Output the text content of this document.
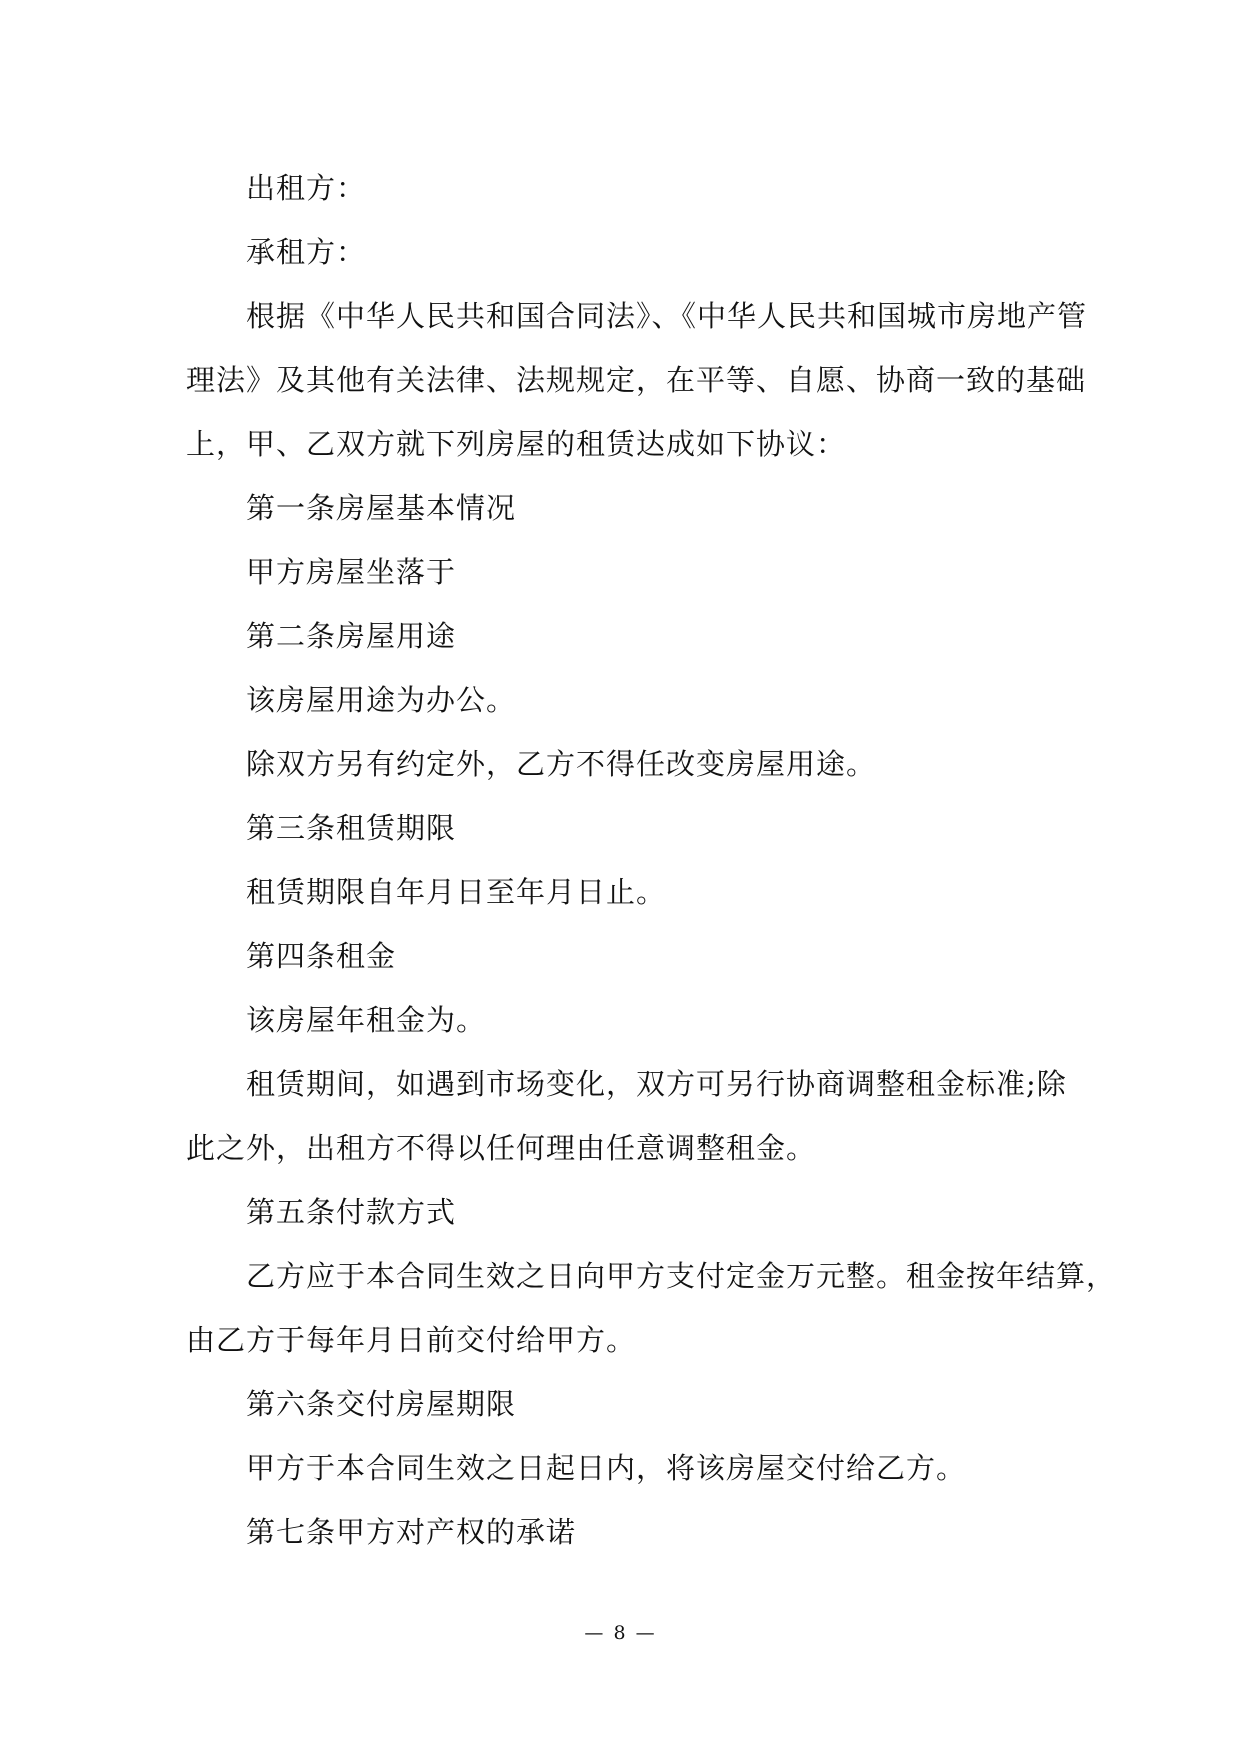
出租方：
承租方：
根据《中华人民共和国合同法》、《中华人民共和国城市房地产管
理法》及其他有关法律、法规规定，在平等、自愿、协商一致的基础
上，甲、乙双方就下列房屋的租赁达成如下协议：
第一条房屋基本情况
甲方房屋坐落于
第二条房屋用途
该房屋用途为办公。
除双方另有约定外，乙方不得任改变房屋用途。
第三条租赁期限
租赁期限自年月日至年月日止。
第四条租金
该房屋年租金为。
租赁期间，如遇到市场变化，双方可另行协商调整租金标准;除
此之外，出租方不得以任何理由任意调整租金。
第五条付款方式
乙方应于本合同生效之日向甲方支付定金万元整。租金按年结算，
由乙方于每年月日前交付给甲方。
第六条交付房屋期限
甲方于本合同生效之日起日内，将该房屋交付给乙方。
第七条甲方对产权的承诺
— 8 —
